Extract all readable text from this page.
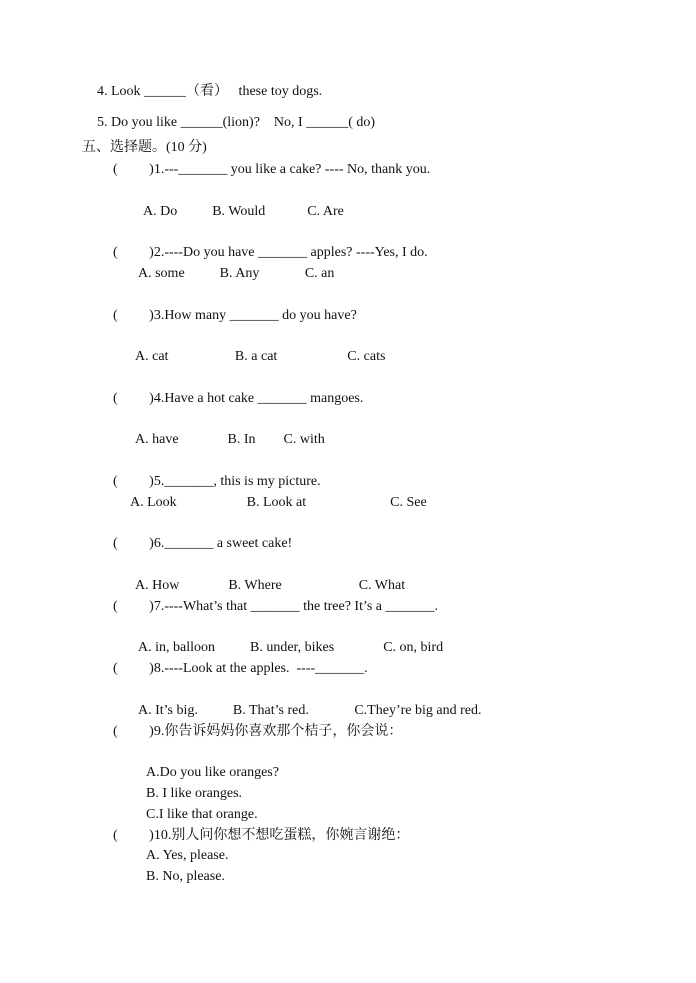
4. Look ______（看）   these toy dogs.
5. Do you like ______(lion)?    No, I ______( do)
五、选择题。(10 分)
(         )1.---_______ you like a cake? ---- No, thank you.
A. Do          B. Would            C. Are
(         )2.----Do you have _______ apples? ----Yes, I do.
A. some          B. Any             C. an
(         )3.How many _______ do you have?
A. cat                   B. a cat                    C. cats
(         )4.Have a hot cake _______ mangoes.
A. have              B. In        C. with
(         )5._______, this is my picture.
A. Look                    B. Look at                        C. See
(         )6._______ a sweet cake!
A. How              B. Where                      C. What
(         )7.----What’s that _______ the tree? It’s a _______.
A. in, balloon          B. under, bikes              C. on, bird
(         )8.----Look at the apples.  ----_______.
A. It’s big.          B. That’s red.             C.They’re big and red.
(         )9.你告诉妈妈你喜欢那个桔子，你会说：
A.Do you like oranges?
B. I like oranges.
C.I like that orange.
(         )10.别人问你想不想吃蛋糕，你婉言谢绝：
A. Yes, please.
B. No, please.
